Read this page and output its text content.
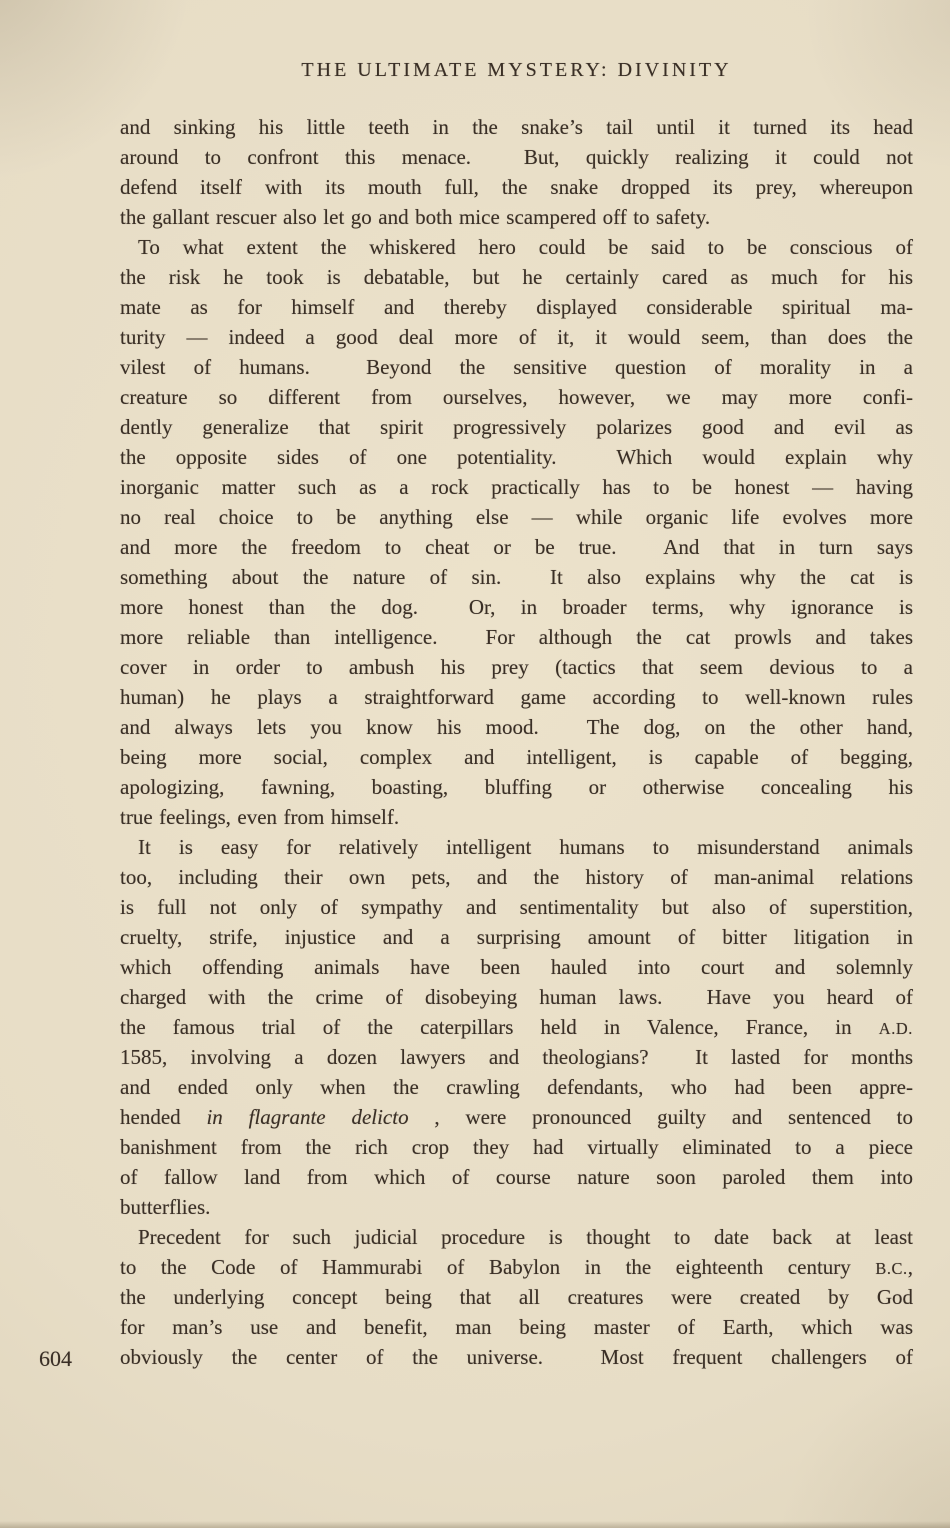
THE ULTIMATE MYSTERY: DIVINITY
604
and sinking his little teeth in the snake’s tail until it turned its head
around to confront this menace.  But, quickly realizing it could not
defend itself with its mouth full, the snake dropped its prey, whereupon
the gallant rescuer also let go and both mice scampered off to safety.
To what extent the whiskered hero could be said to be conscious of
the risk he took is debatable, but he certainly cared as much for his
mate as for himself and thereby displayed considerable spiritual ma-
turity — indeed a good deal more of it, it would seem, than does the
vilest of humans.  Beyond the sensitive question of morality in a
creature so different from ourselves, however, we may more confi-
dently generalize that spirit progressively polarizes good and evil as
the opposite sides of one potentiality.  Which would explain why
inorganic matter such as a rock practically has to be honest — having
no real choice to be anything else — while organic life evolves more
and more the freedom to cheat or be true.  And that in turn says
something about the nature of sin.  It also explains why the cat is
more honest than the dog.  Or, in broader terms, why ignorance is
more reliable than intelligence.  For although the cat prowls and takes
cover in order to ambush his prey (tactics that seem devious to a
human) he plays a straightforward game according to well-known rules
and always lets you know his mood.  The dog, on the other hand,
being more social, complex and intelligent, is capable of begging,
apologizing, fawning, boasting, bluffing or otherwise concealing his
true feelings, even from himself.
It is easy for relatively intelligent humans to misunderstand animals
too, including their own pets, and the history of man-animal relations
is full not only of sympathy and sentimentality but also of superstition,
cruelty, strife, injustice and a surprising amount of bitter litigation in
which offending animals have been hauled into court and solemnly
charged with the crime of disobeying human laws.  Have you heard of
the famous trial of the caterpillars held in Valence, France, in A.D.
1585, involving a dozen lawyers and theologians?  It lasted for months
and ended only when the crawling defendants, who had been appre-
hended in flagrante delicto , were pronounced guilty and sentenced to
banishment from the rich crop they had virtually eliminated to a piece
of fallow land from which of course nature soon paroled them into
butterflies.
Precedent for such judicial procedure is thought to date back at least
to the Code of Hammurabi of Babylon in the eighteenth century B.C.,
the underlying concept being that all creatures were created by God
for man’s use and benefit, man being master of Earth, which was
obviously the center of the universe.  Most frequent challengers of
